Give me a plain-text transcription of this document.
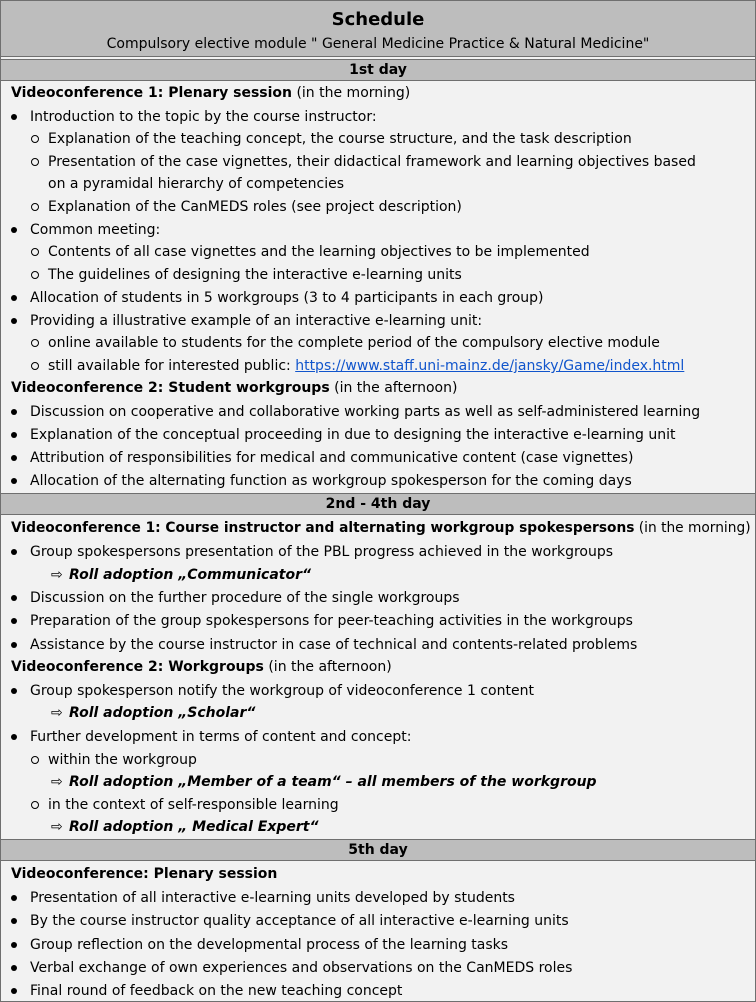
Schedule
Compulsory elective module " General Medicine Practice & Natural Medicine"
1st day
Videoconference 1: Plenary session (in the morning)
Introduction to the topic by the course instructor:
Explanation of the teaching concept, the course structure, and the task description
Presentation of the case vignettes, their didactical framework and learning objectives based
on a pyramidal hierarchy of competencies
Explanation of the CanMEDS roles (see project description)
Common meeting:
Contents of all case vignettes and the learning objectives to be implemented
The guidelines of designing the interactive e-learning units
Allocation of students in 5 workgroups (3 to 4 participants in each group)
Providing a illustrative example of an interactive e-learning unit:
online available to students for the complete period of the compulsory elective module
still available for interested public: https://www.staff.uni-mainz.de/jansky/Game/index.html
Videoconference 2: Student workgroups (in the afternoon)
Discussion on cooperative and collaborative working parts as well as self-administered learning
Explanation of the conceptual proceeding in due to designing the interactive e-learning unit
Attribution of responsibilities for medical and communicative content (case vignettes)
Allocation of the alternating function as workgroup spokesperson for the coming days
2nd - 4th day
Videoconference 1: Course instructor and alternating workgroup spokespersons (in the morning)
Group spokespersons presentation of the PBL progress achieved in the workgroups
⇨ Roll adoption „Communicator“
Discussion on the further procedure of the single workgroups
Preparation of the group spokespersons for peer-teaching activities in the workgroups
Assistance by the course instructor in case of technical and contents-related problems
Videoconference 2: Workgroups (in the afternoon)
Group spokesperson notify the workgroup of videoconference 1 content
⇨ Roll adoption „Scholar“
Further development in terms of content and concept:
within the workgroup
⇨ Roll adoption „Member of a team“ – all members of the workgroup
in the context of self-responsible learning
⇨ Roll adoption „ Medical Expert“
5th day
Videoconference: Plenary session
Presentation of all interactive e-learning units developed by students
By the course instructor quality acceptance of all interactive e-learning units
Group reflection on the developmental process of the learning tasks
Verbal exchange of own experiences and observations on the CanMEDS roles
Final round of feedback on the new teaching concept
